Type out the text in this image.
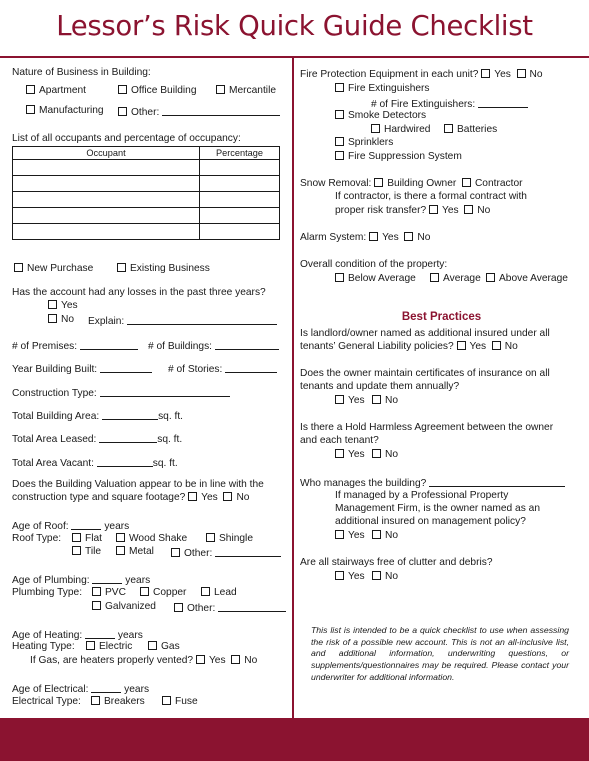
Lessor’s Risk Quick Guide Checklist
Nature of Business in Building:
Apartment	Office Building	Mercantile
Manufacturing	Other:
List of all occupants and percentage of occupancy:
Occupant	Percentage

New Purchase	Existing Business
Has the account had any losses in the past three years?
Yes
No Explain:
# of Premises:	# of Buildings:
Year Building Built:	# of Stories:
Construction Type:
Total Building Area:	sq. ft.
Total Area Leased:	sq. ft.
Total Area Vacant:	sq. ft.
Does the Building Valuation appear to be in line with the
construction type and square footage? Yes No
Age of Roof:	years
Roof Type:	Flat	Wood Shake	Shingle
Tile	Metal	Other:
Age of Plumbing:	years
Plumbing Type:	PVC	Copper	Lead
Galvanized	Other:
Age of Heating:	years
Heating Type:	Electric	Gas
If Gas, are heaters properly vented? Yes No
Age of Electrical:	years
Electrical Type:	Breakers	Fuse
Fire Protection Equipment in each unit? Yes No
Fire Extinguishers
# of Fire Extinguishers:
Smoke Detectors
Hardwired	Batteries
Sprinklers
Fire Suppression System
Snow Removal: Building Owner Contractor
If contractor, is there a formal contract with
proper risk transfer? Yes No
Alarm System: Yes No
Overall condition of the property:
Below Average	Average	Above Average
Best Practices
Is landlord/owner named as additional insured under all
tenants’ General Liability policies? Yes No
Does the owner maintain certificates of insurance on all
tenants and update them annually?
Yes	No
Is there a Hold Harmless Agreement between the owner
and each tenant?
Yes	No
Who manages the building?
If managed by a Professional Property
Management Firm, is the owner named as an
additional insured on management policy?
Yes	No
Are all stairways free of clutter and debris?
Yes	No
This list is intended to be a quick checklist to use when assessing the risk of a possible new account. This is not an all-inclusive list, and additional information, underwriting questions, or supplements/questionnaires may be required. Please contact your underwriter for additional information.
